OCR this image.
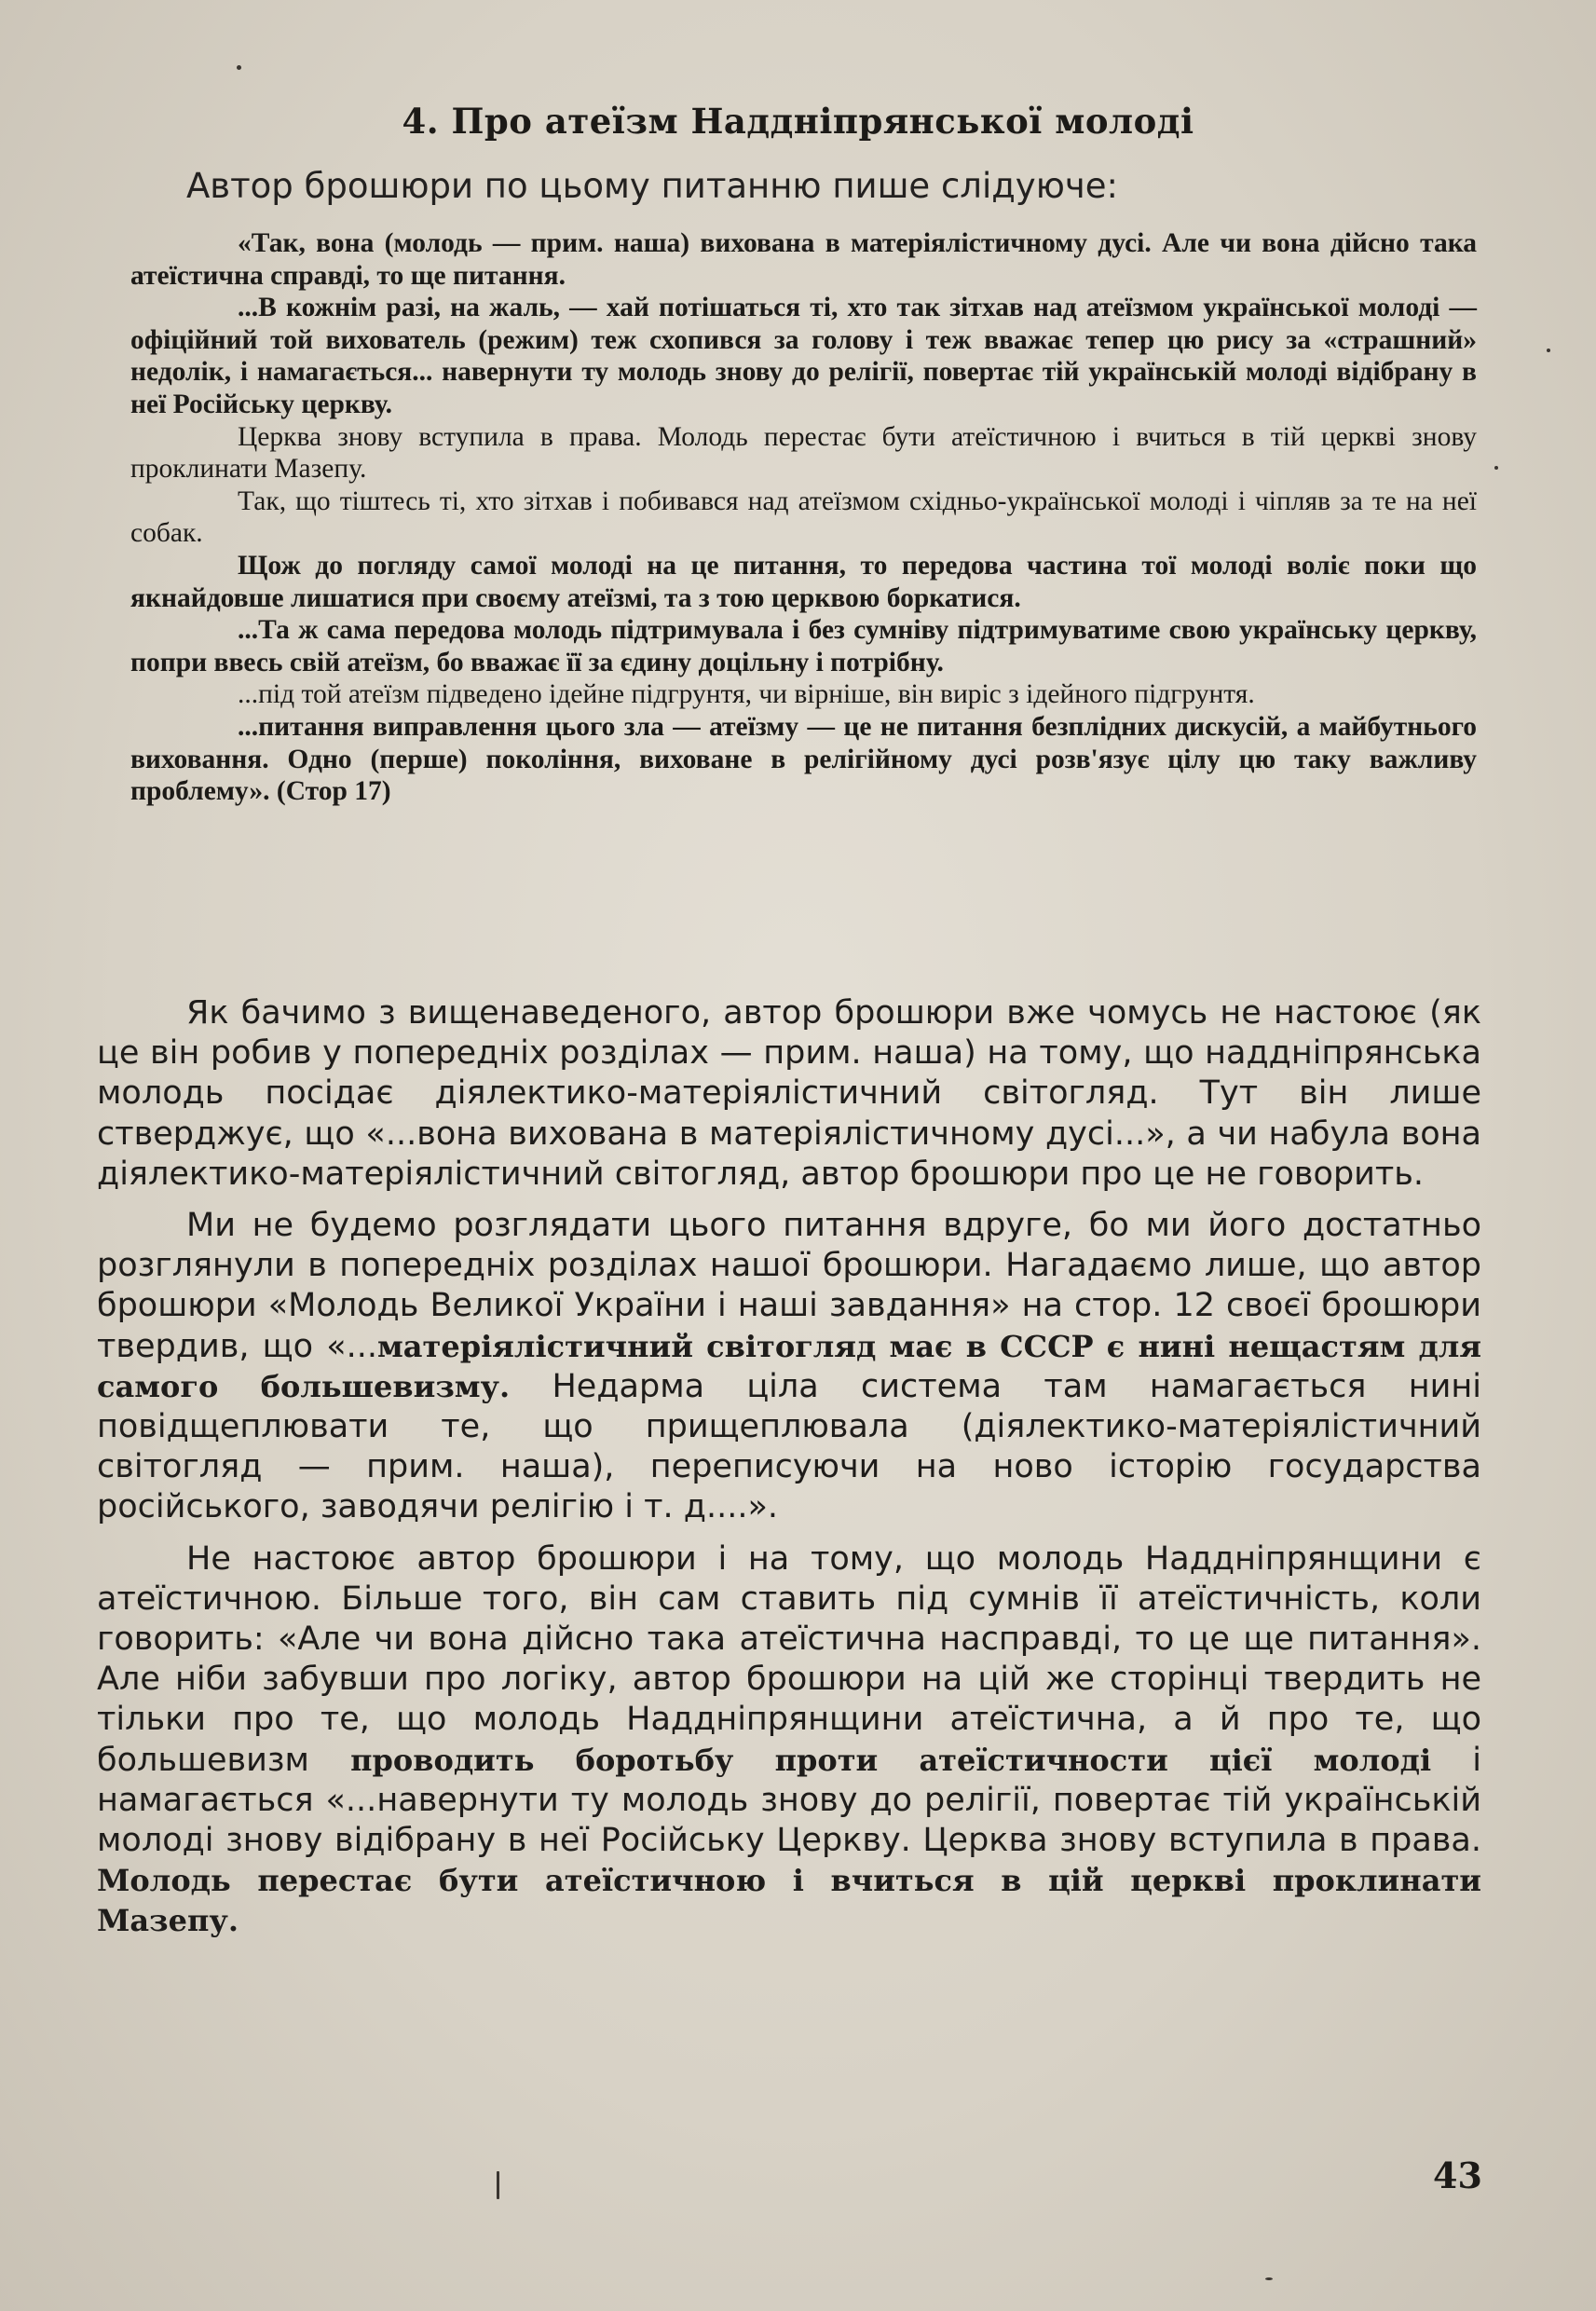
4. Про атеїзм Наддніпрянської молоді
Автор брошюри по цьому питанню пише слідуюче:

«Так, вона (молодь — прим. наша) вихована в матеріялістичному дусі. Але чи вона дійсно така атеїстична справді, то ще питання.

...В кожнім разі, на жаль, — хай потішаться ті, хто так зітхав над атеїзмом української молоді — офіційний той вихователь (режим) теж схопився за голову і теж вважає тепер цю рису за «страшний» недолік, і намагається... навернути ту молодь знову до релігії, повертає тій українській молоді відібрану в неї Російську церкву.

Церква знову вступила в права. Молодь перестає бути атеїстичною і вчиться в тій церкві знову проклинати Мазепу.

Так, що тіштесь ті, хто зітхав і побивався над атеїзмом східньо-української молоді і чіпляв за те на неї собак.

Щож до погляду самої молоді на це питання, то передова частина тої молоді воліє поки що якнайдовше лишатися при своєму атеїзмі, та з тою церквою боркатися.

...Та ж сама передова молодь підтримувала і без сумніву підтримуватиме свою українську церкву, попри ввесь свій атеїзм, бо вважає її за єдину доцільну і потрібну.

...під той атеїзм підведено ідейне підгрунтя, чи вірніше, він виріс з ідейного підгрунтя.

...питання виправлення цього зла — атеїзму — це не питання безплідних дискусій, а майбутнього виховання. Одно (перше) покоління, виховане в релігійному дусі розв'язує цілу цю таку важливу проблему». (Стор 17)

Як бачимо з вищенаведеного, автор брошюри вже чомусь не настоює (як це він робив у попередніх розділах — прим. наша) на тому, що наддніпрянська молодь посідає діялектико-матеріялістичний світогляд. Тут він лише стверджує, що «...вона вихована в матеріялістичному дусі...», а чи набула вона діялектико-матеріялістичний світогляд, автор брошюри про це не говорить.

Ми не будемо розглядати цього питання вдруге, бо ми його достатньо розглянули в попередніх розділах нашої брошюри. Нагадаємо лише, що автор брошюри «Молодь Великої України і наші завдання» на стор. 12 своєї брошюри твердив, що «...матеріялістичний світогляд має в СССР є нині нещастям для самого большевизму. Недарма ціла система там намагається нині повідщеплювати те, що прищеплювала (діялектико-матеріялістичний світогляд — прим. наша), переписуючи на ново історію государства російського, заводячи релігію і т. д....».

Не настоює автор брошюри і на тому, що молодь Наддніпрянщини є атеїстичною. Більше того, він сам ставить під сумнів її атеїстичність, коли говорить: «Але чи вона дійсно така атеїстична насправді, то це ще питання». Але ніби забувши про логіку, автор брошюри на цій же сторінці твердить не тільки про те, що молодь Наддніпрянщини атеїстична, а й про те, що большевизм проводить боротьбу проти атеїстичности цієї молоді і намагається «...навернути ту молодь знову до релігії, повертає тій українській молоді знову відібрану в неї Російську Церкву. Церква знову вступила в права. Молодь перестає бути атеїстичною і вчиться в цій церкві проклинати Мазепу.

43
